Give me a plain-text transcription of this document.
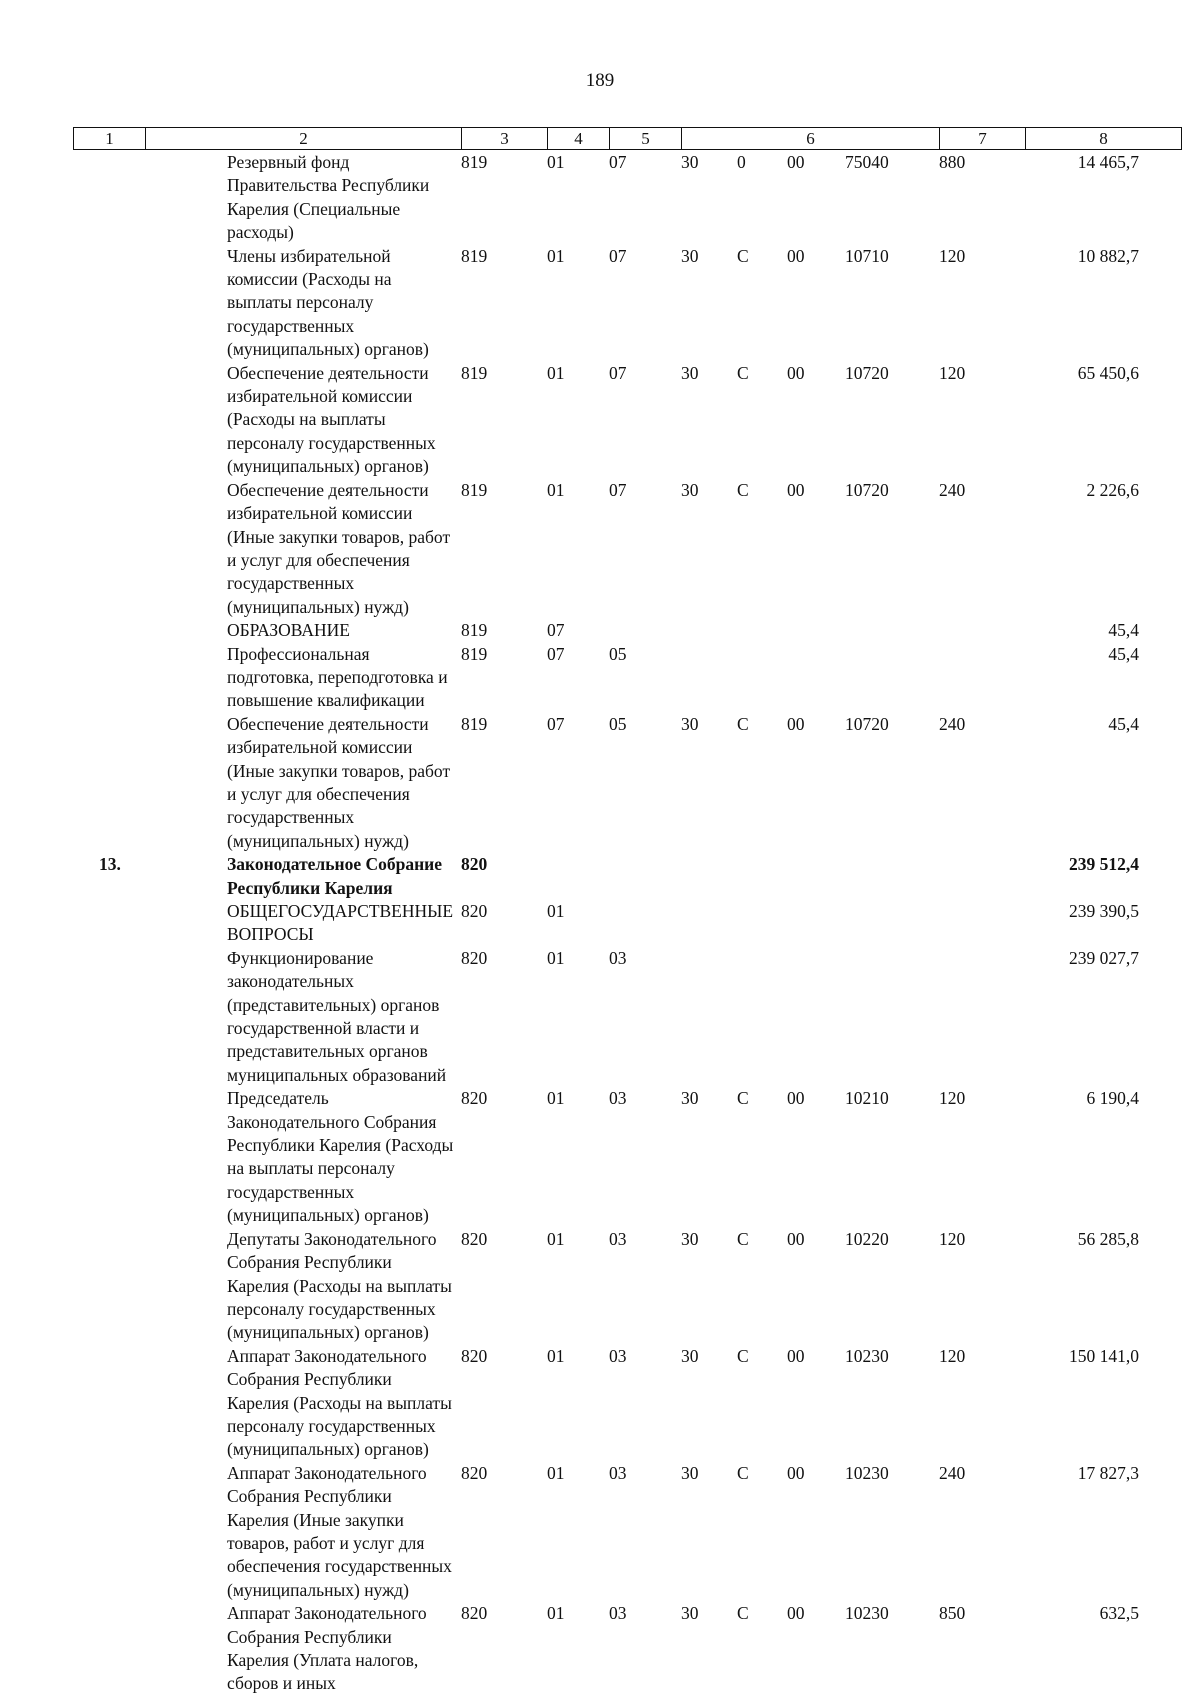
189
1	2	3	4	5	6	7	8
	Резервный фонд Правительства Республики Карелия (Специальные расходы)	819	01	07	30	0	00	75040	880	14 465,7
	Члены избирательной комиссии (Расходы на выплаты персоналу государственных (муниципальных) органов)	819	01	07	30	С	00	10710	120	10 882,7
	Обеспечение деятельности избирательной комиссии (Расходы на выплаты персоналу государственных (муниципальных) органов)	819	01	07	30	С	00	10720	120	65 450,6
	Обеспечение деятельности избирательной комиссии (Иные закупки товаров, работ и услуг для обеспечения государственных (муниципальных) нужд)	819	01	07	30	С	00	10720	240	2 226,6
	ОБРАЗОВАНИЕ	819	07							45,4
	Профессиональная подготовка, переподготовка и повышение квалификации	819	07	05						45,4
	Обеспечение деятельности избирательной комиссии (Иные закупки товаров, работ и услуг для обеспечения государственных (муниципальных) нужд)	819	07	05	30	С	00	10720	240	45,4
13.	Законодательное Собрание Республики Карелия	820								239 512,4
	ОБЩЕГОСУДАРСТВЕННЫЕ ВОПРОСЫ	820	01							239 390,5
	Функционирование законодательных (представительных) органов государственной власти и представительных органов муниципальных образований	820	01	03						239 027,7
	Председатель Законодательного Собрания Республики Карелия (Расходы на выплаты персоналу государственных (муниципальных) органов)	820	01	03	30	С	00	10210	120	6 190,4
	Депутаты Законодательного Собрания Республики Карелия (Расходы на выплаты персоналу государственных (муниципальных) органов)	820	01	03	30	С	00	10220	120	56 285,8
	Аппарат Законодательного Собрания Республики Карелия (Расходы на выплаты персоналу государственных (муниципальных) органов)	820	01	03	30	С	00	10230	120	150 141,0
	Аппарат Законодательного Собрания Республики Карелия (Иные закупки товаров, работ и услуг для обеспечения государственных (муниципальных) нужд)	820	01	03	30	С	00	10230	240	17 827,3
	Аппарат Законодательного Собрания Республики Карелия (Уплата налогов, сборов и иных	820	01	03	30	С	00	10230	850	632,5
